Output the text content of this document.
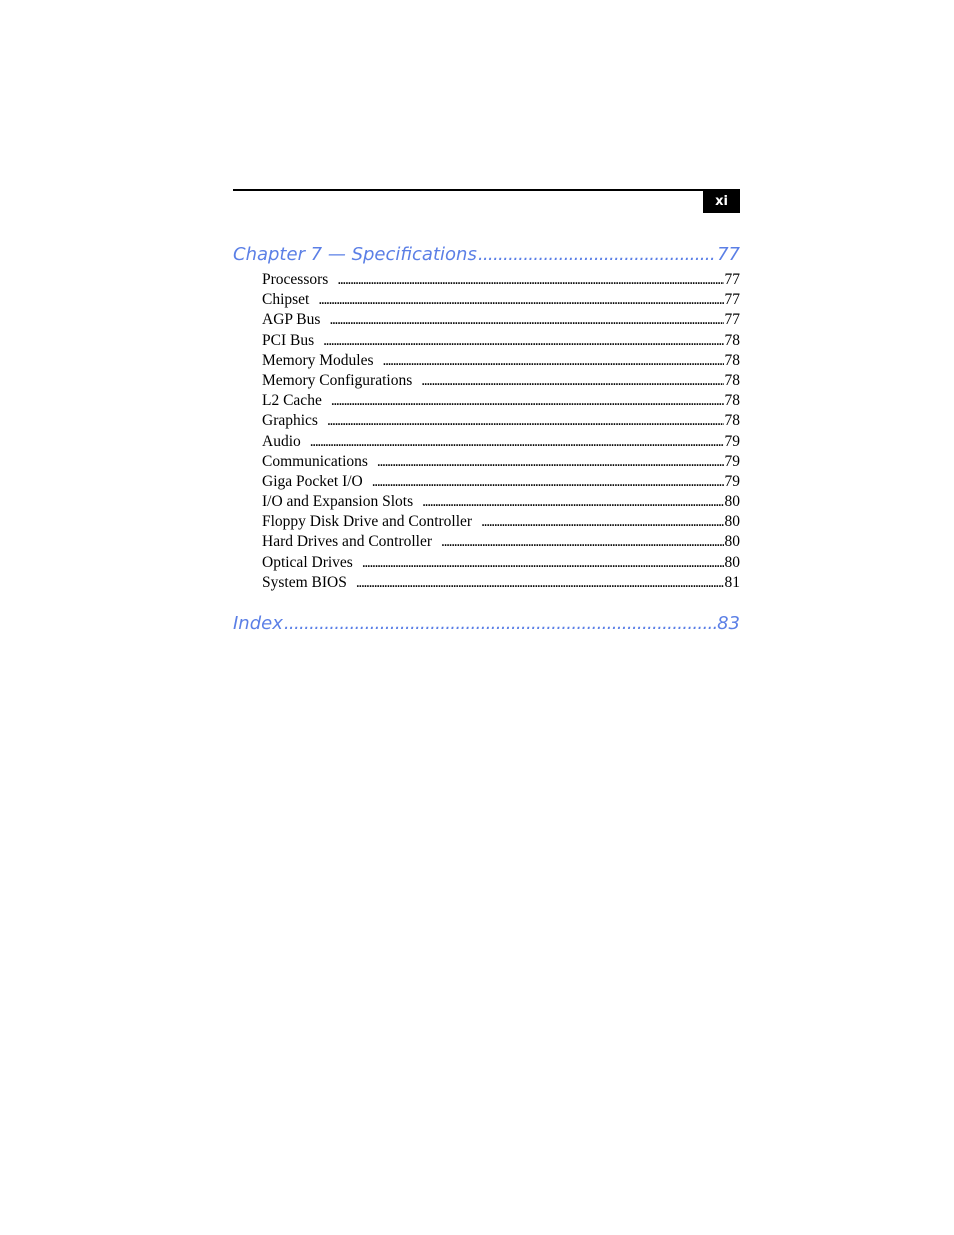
xi
Chapter 7 — Specifications . . .	77
Processors . . .	77
Chipset . . .	77
AGP Bus . . .	77
PCI Bus . . .	78
Memory Modules . . .	78
Memory Configurations . . .	78
L2 Cache . . .	78
Graphics . . .	78
Audio . . .	79
Communications . . .	79
Giga Pocket I/O . . .	79
I/O and Expansion Slots . . .	80
Floppy Disk Drive and Controller . . .	80
Hard Drives and Controller . . .	80
Optical Drives . . .	80
System BIOS . . .	81
Index . . .	83
